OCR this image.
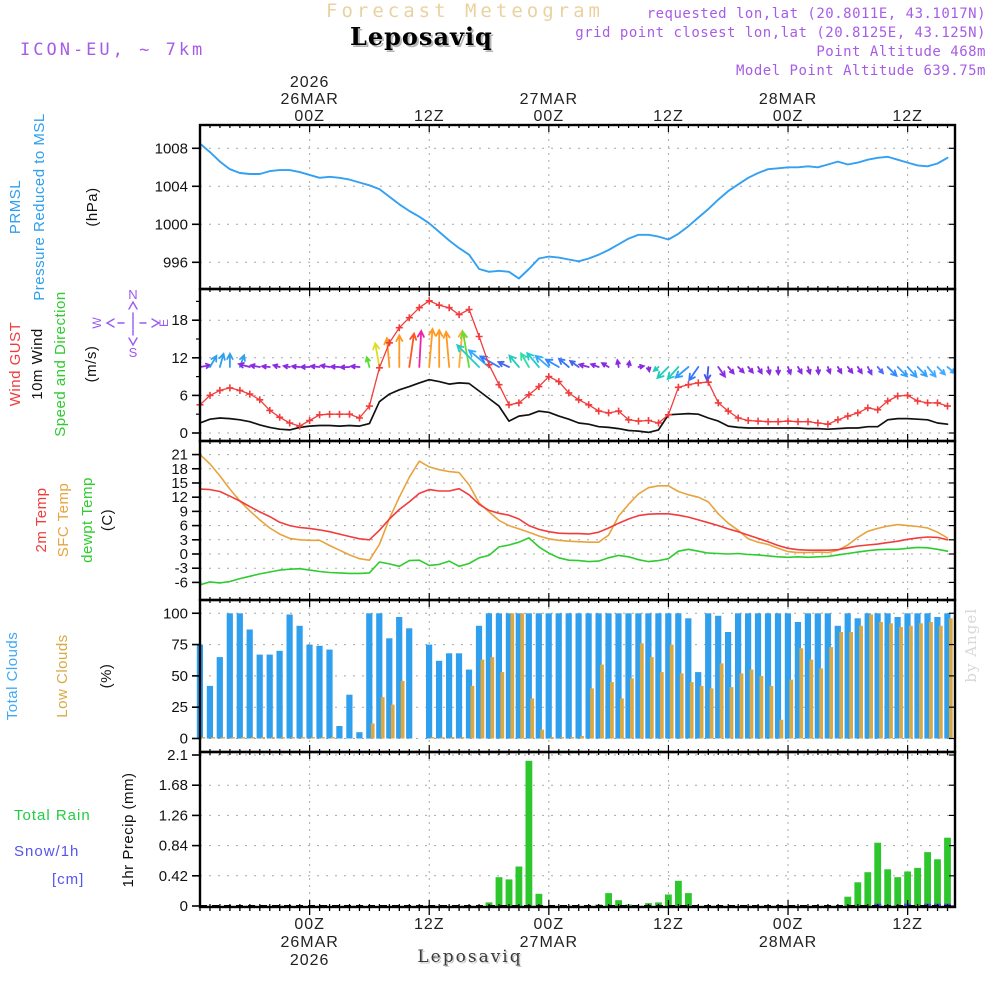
Forecast Meteogram
Leposaviq
ICON-EU, ~ 7km
requested lon,lat (20.8011E, 43.1017N)
grid point closest lon,lat (20.8125E, 43.125N)
Point Altitude 468m
Model Point Altitude 639.75m
PRMSL Pressure Reduced to MSL (hPa)
Wind GUST 10m Wind Speed and Direction (m/s)
2m Temp SFC Temp dewpt Temp (C)
Total Clouds Low Clouds (%)
Total Rain
Snow/1h
[cm] 1hr Precip (mm)
1008
1004
1000
996
18
12
6
0
N
S
W	E
21
18
15
12
9
6
3
0
-3
-6
100
75
50
25
0
2.1
1.68
1.26
0.84
0.42
0
2026
26MAR
00Z
00Z
26MAR
2026
12Z
12Z
27MAR
00Z
00Z
27MAR
12Z
12Z
28MAR
00Z
00Z
28MAR
12Z
12Z
by Angel
Leposaviq
